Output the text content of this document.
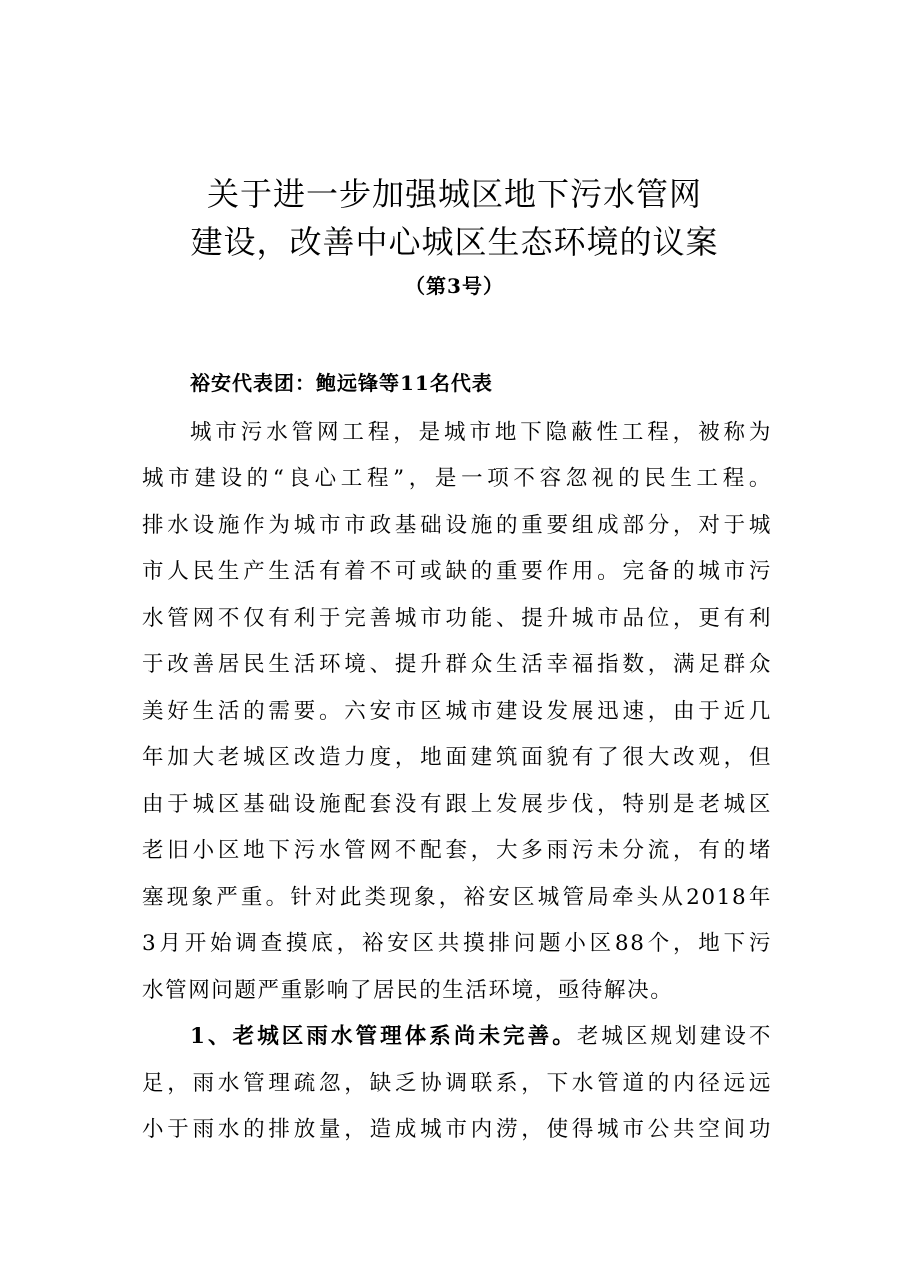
关于进一步加强城区地下污水管网
建设，改善中心城区生态环境的议案
（第3号）
裕安代表团：鲍远锋等11名代表
城市污水管网工程，是城市地下隐蔽性工程，被称为
城市建设的“良心工程”，是一项不容忽视的民生工程。
排水设施作为城市市政基础设施的重要组成部分，对于城
市人民生产生活有着不可或缺的重要作用。完备的城市污
水管网不仅有利于完善城市功能、提升城市品位，更有利
于改善居民生活环境、提升群众生活幸福指数，满足群众
美好生活的需要。六安市区城市建设发展迅速，由于近几
年加大老城区改造力度，地面建筑面貌有了很大改观，但
由于城区基础设施配套没有跟上发展步伐，特别是老城区
老旧小区地下污水管网不配套，大多雨污未分流，有的堵
塞现象严重。针对此类现象，裕安区城管局牵头从2018年
3月开始调查摸底，裕安区共摸排问题小区88个，地下污
水管网问题严重影响了居民的生活环境，亟待解决。
1、老城区雨水管理体系尚未完善。老城区规划建设不
足，雨水管理疏忽，缺乏协调联系，下水管道的内径远远
小于雨水的排放量，造成城市内涝，使得城市公共空间功
